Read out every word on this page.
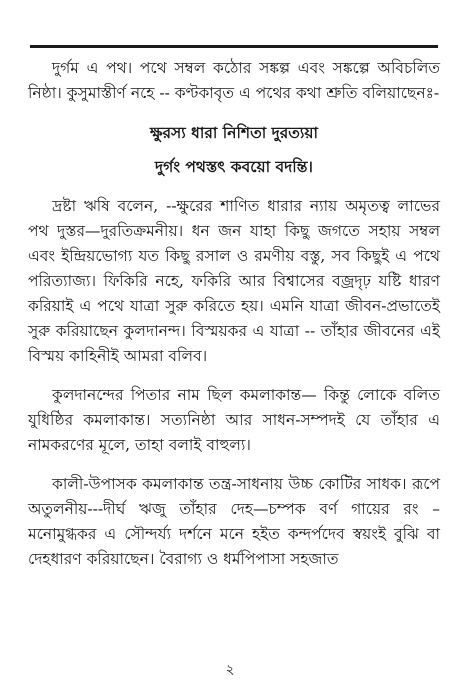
দুর্গম এ পথ। পথে সম্বল কঠোর সঙ্কল্প এবং সঙ্কল্পে অবিচলিত নিষ্ঠা। কুসুমাস্তীর্ণ নহে -- কণ্টকাবৃত এ পথের কথা শ্রুতি বলিয়াছেনঃ-

ক্ষুরস্য ধারা নিশিতা দুরত্যয়া

দুর্গং পথস্তৎ কবয়ো বদন্তি।

দ্রষ্টা ঋষি বলেন, --ক্ষুরের শাণিত ধারার ন্যায় অমৃতত্ব লাভের পথ দুস্তর—দুরতিক্রমনীয়। ধন জন যাহা কিছু জগতে সহায় সম্বল এবং ইন্দ্রিয়ভোগ্য যত কিছু রসাল ও রমণীয় বস্তু, সব কিছুই এ পথে পরিত্যাজ্য। ফিকিরি নহে, ফকিরি আর বিশ্বাসের বজ্রদৃঢ় যষ্টি ধারণ করিয়াই এ পথে যাত্রা সুরু করিতে হয়। এমনি যাত্রা জীবন-প্রভাতেই সুরু করিয়াছেন কুলদানন্দ। বিস্ময়কর এ যাত্রা -- তাঁহার জীবনের এই বিস্ময় কাহিনীই আমরা বলিব।

কুলদানন্দের পিতার নাম ছিল কমলাকান্ত— কিন্তু লোকে বলিত যুধিষ্ঠির কমলাকান্ত। সত্যনিষ্ঠা আর সাধন-সম্পদই যে তাঁহার এ নামকরণের মূলে, তাহা বলাই বাহুল্য।

কালী-উপাসক কমলাকান্ত তন্ত্র-সাধনায় উচ্চ কোটির সাধক। রূপে অতুলনীয়---দীর্ঘ ঋজু তাঁহার দেহ—চম্পক বর্ণ গায়ের রং – মনোমুগ্ধকর এ সৌন্দর্য্য দর্শনে মনে হইত কন্দর্পদেব স্বয়ংই বুঝি বা দেহধারণ করিয়াছেন। বৈরাগ্য ও ধর্মপিপাসা সহজাত

২
